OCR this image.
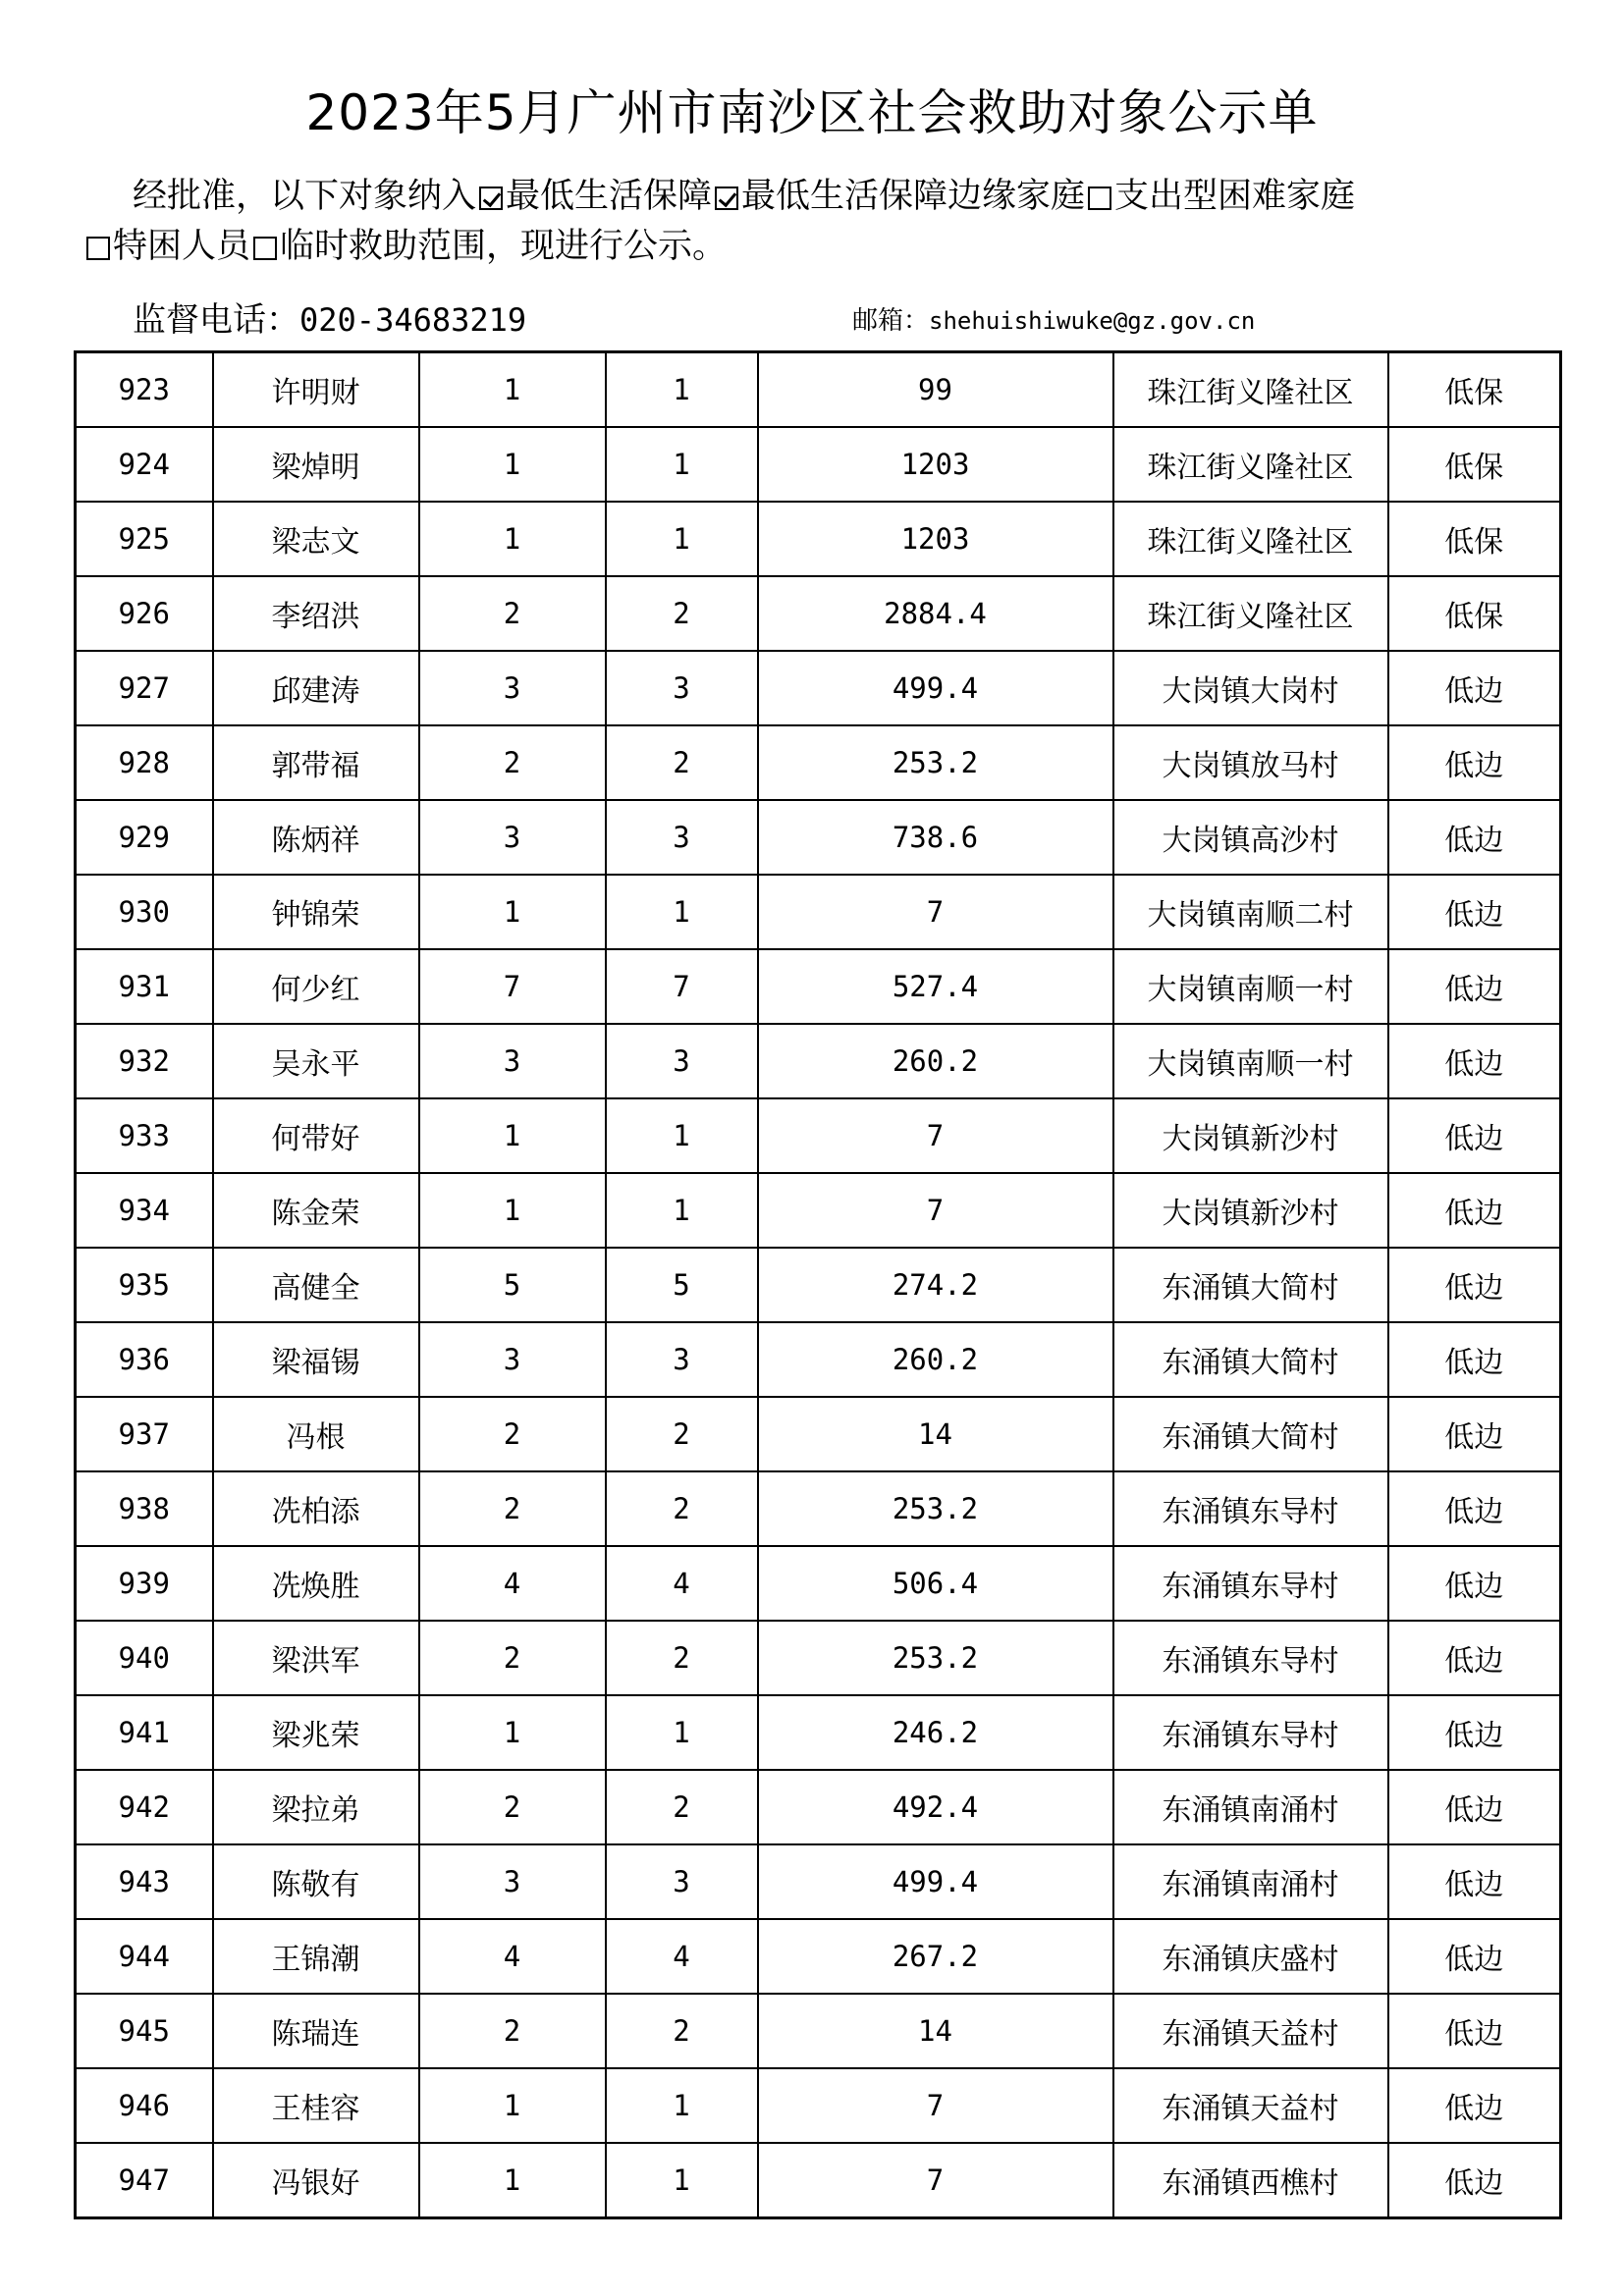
2023年5月广州市南沙区社会救助对象公示单
经批准，以下对象纳入 最低生活保障 最低生活保障边缘家庭 支出型困难家庭
特困人员 临时救助范围，现进行公示。
监督电话：020-34683219	邮箱：shehuishiwuke@gz.gov.cn
923	许明财	1	1	99	珠江街义隆社区	低保
924	梁焯明	1	1	1203	珠江街义隆社区	低保
925	梁志文	1	1	1203	珠江街义隆社区	低保
926	李绍洪	2	2	2884.4	珠江街义隆社区	低保
927	邱建涛	3	3	499.4	大岗镇大岗村	低边
928	郭带福	2	2	253.2	大岗镇放马村	低边
929	陈炳祥	3	3	738.6	大岗镇高沙村	低边
930	钟锦荣	1	1	7	大岗镇南顺二村	低边
931	何少红	7	7	527.4	大岗镇南顺一村	低边
932	吴永平	3	3	260.2	大岗镇南顺一村	低边
933	何带好	1	1	7	大岗镇新沙村	低边
934	陈金荣	1	1	7	大岗镇新沙村	低边
935	高健全	5	5	274.2	东涌镇大简村	低边
936	梁福锡	3	3	260.2	东涌镇大简村	低边
937	冯根	2	2	14	东涌镇大简村	低边
938	冼柏添	2	2	253.2	东涌镇东导村	低边
939	冼焕胜	4	4	506.4	东涌镇东导村	低边
940	梁洪军	2	2	253.2	东涌镇东导村	低边
941	梁兆荣	1	1	246.2	东涌镇东导村	低边
942	梁拉弟	2	2	492.4	东涌镇南涌村	低边
943	陈敬有	3	3	499.4	东涌镇南涌村	低边
944	王锦潮	4	4	267.2	东涌镇庆盛村	低边
945	陈瑞连	2	2	14	东涌镇天益村	低边
946	王桂容	1	1	7	东涌镇天益村	低边
947	冯银好	1	1	7	东涌镇西樵村	低边
